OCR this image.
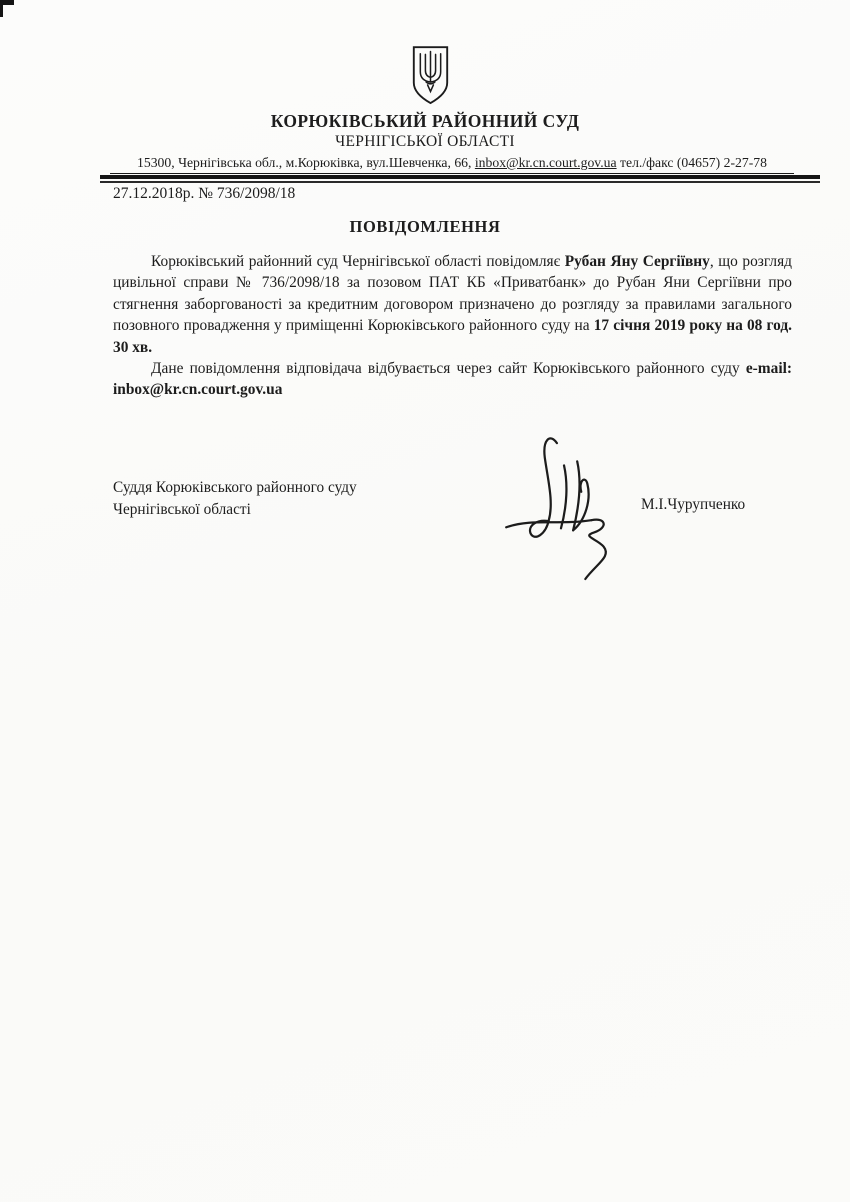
КОРЮКІВСЬКИЙ РАЙОННИЙ СУД
ЧЕРНІГІСЬКОЇ ОБЛАСТІ
15300, Чернігівська обл., м.Корюківка, вул.Шевченка, 66, inbox@kr.cn.court.gov.ua тел./факс (04657) 2-27-78
27.12.2018р. № 736/2098/18
ПОВІДОМЛЕННЯ

Корюківський районний суд Чернігівської області повідомляє Рубан Яну Сергіївну, що розгляд цивільної справи № 736/2098/18 за позовом ПАТ КБ «Приватбанк» до Рубан Яни Сергіївни про стягнення заборгованості за кредитним договором призначено до розгляду за правилами загального позовного провадження у приміщенні Корюківського районного суду на 17 січня 2019 року на 08 год. 30 хв.

Дане повідомлення відповідача відбувається через сайт Корюківського районного суду e-mail: inbox@kr.cn.court.gov.ua

Суддя Корюківського районного суду
Чернігівської області	М.І.Чурупченко
